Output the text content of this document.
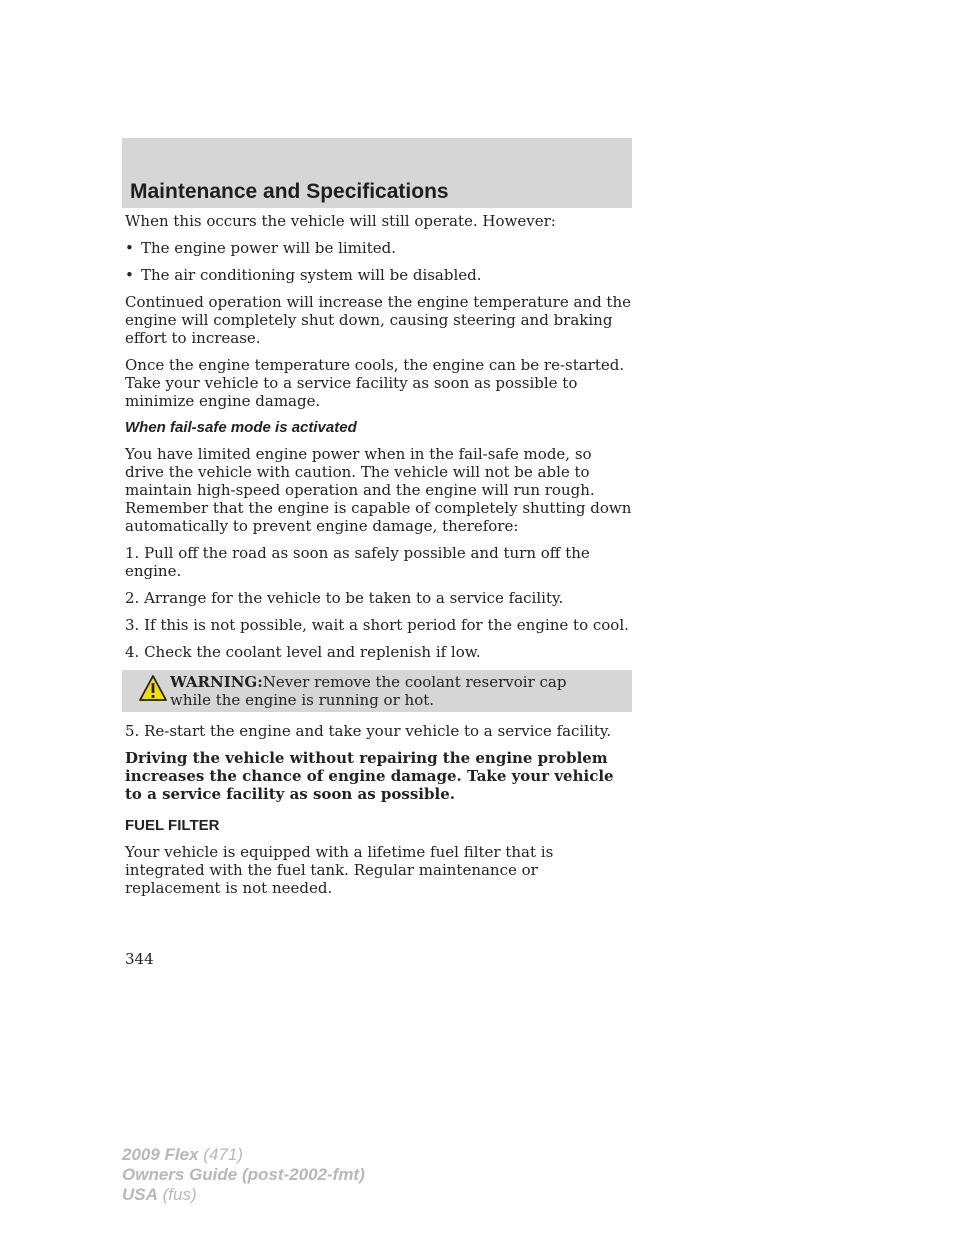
Maintenance and Specifications

When this occurs the vehicle will still operate. However:

• The engine power will be limited.
• The air conditioning system will be disabled.

Continued operation will increase the engine temperature and the engine will completely shut down, causing steering and braking effort to increase.

Once the engine temperature cools, the engine can be re-started. Take your vehicle to a service facility as soon as possible to minimize engine damage.

When fail-safe mode is activated

You have limited engine power when in the fail-safe mode, so drive the vehicle with caution. The vehicle will not be able to maintain high-speed operation and the engine will run rough. Remember that the engine is capable of completely shutting down automatically to prevent engine damage, therefore:

1. Pull off the road as soon as safely possible and turn off the engine.

2. Arrange for the vehicle to be taken to a service facility.

3. If this is not possible, wait a short period for the engine to cool.

4. Check the coolant level and replenish if low.

WARNING:Never remove the coolant reservoir cap while the engine is running or hot.

5. Re-start the engine and take your vehicle to a service facility.

Driving the vehicle without repairing the engine problem increases the chance of engine damage. Take your vehicle to a service facility as soon as possible.

FUEL FILTER

Your vehicle is equipped with a lifetime fuel filter that is integrated with the fuel tank. Regular maintenance or replacement is not needed.

344
2009 Flex (471)
Owners Guide (post-2002-fmt)
USA (fus)
